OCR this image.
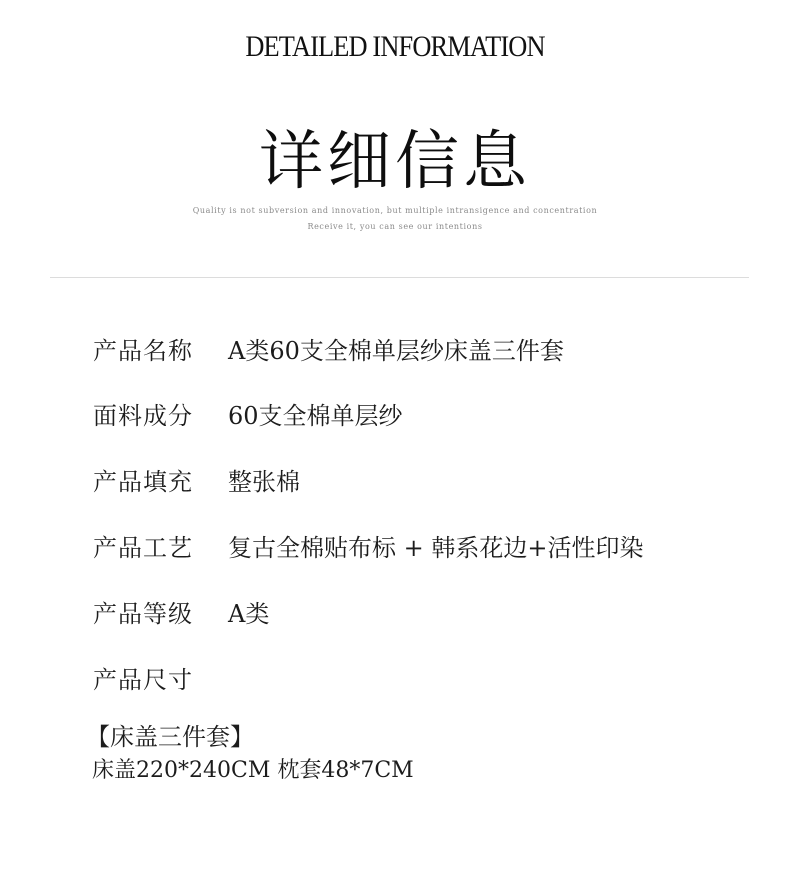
DETAILED INFORMATION
详细信息
Quality is not subversion and innovation, but multiple intransigence and concentration
Receive it, you can see our intentions
产品名称	A类60支全棉单层纱床盖三件套
面料成分	60支全棉单层纱
产品填充	整张棉
产品工艺	复古全棉贴布标 + 韩系花边+活性印染
产品等级	A类
产品尺寸
【床盖三件套】
床盖220*240CM 枕套48*7CM
